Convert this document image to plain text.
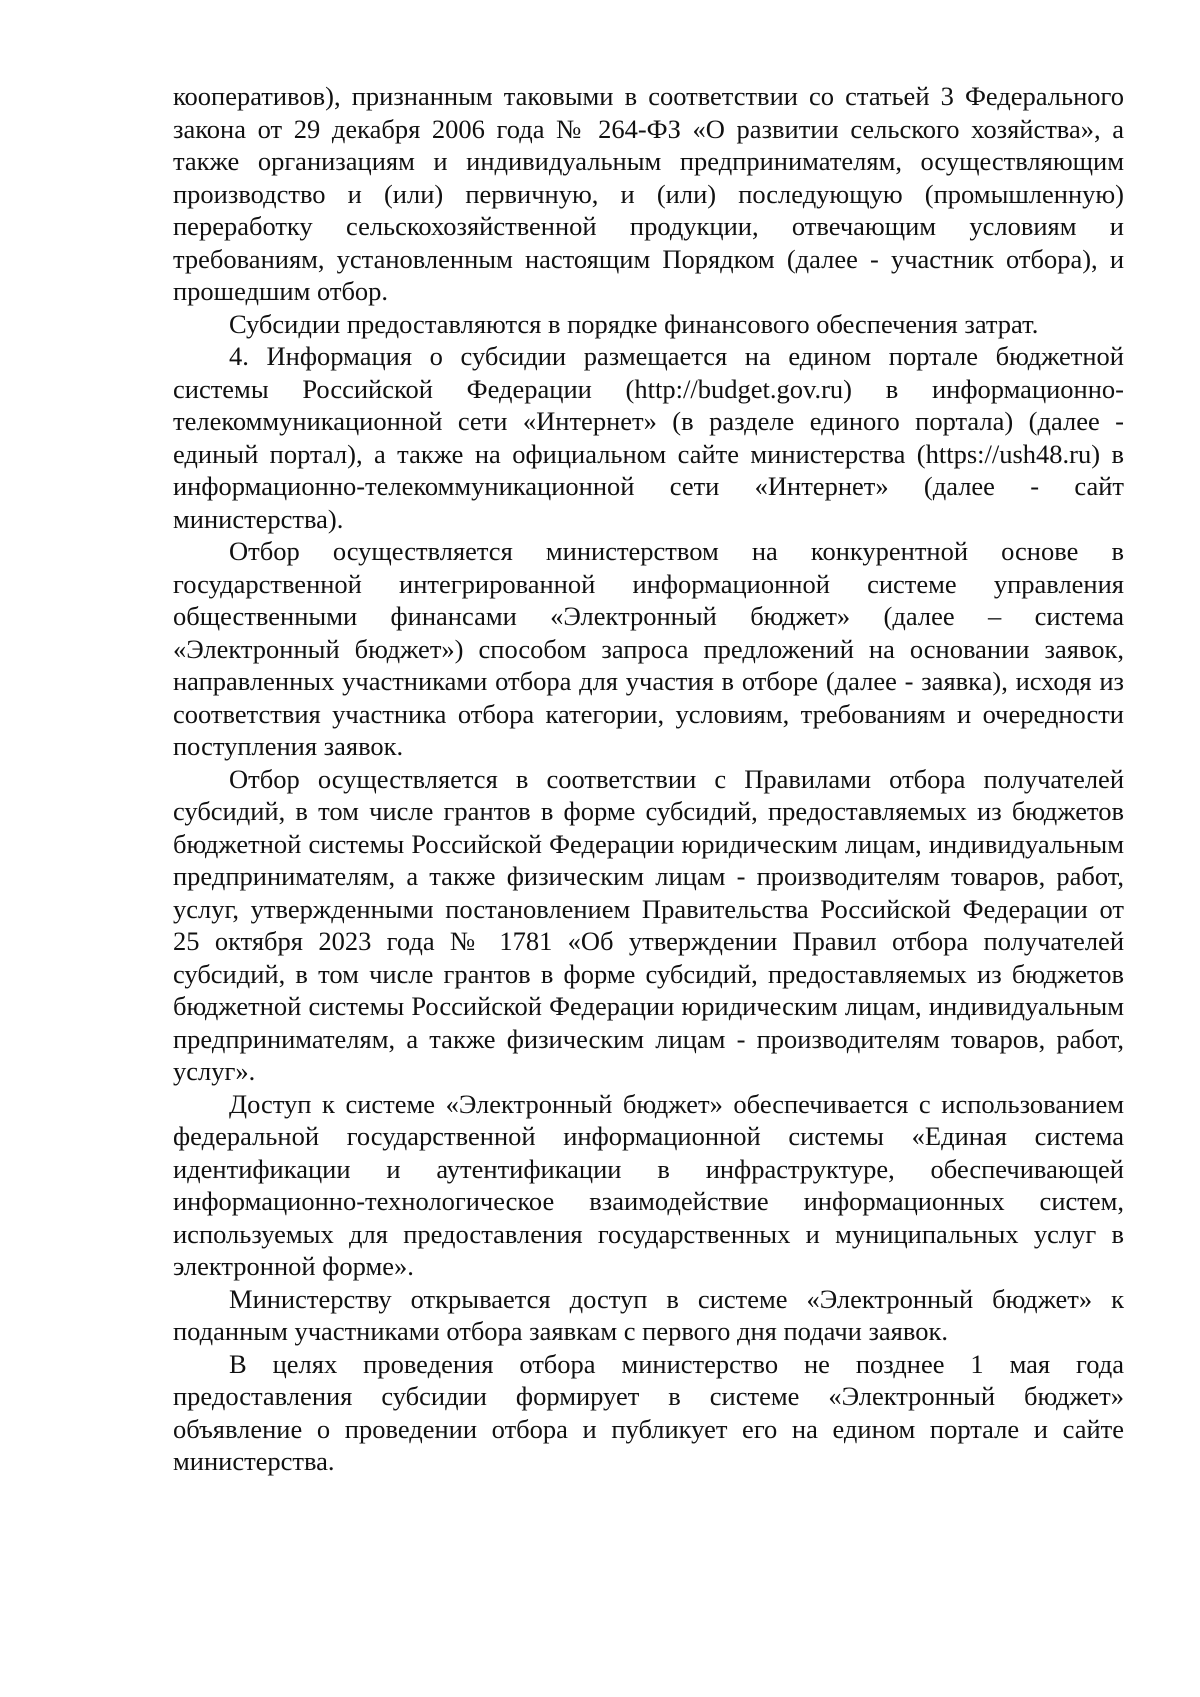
кооперативов), признанным таковыми в соответствии со статьей 3 Федерального закона от 29 декабря 2006 года № 264-ФЗ «О развитии сельского хозяйства», а также организациям и индивидуальным предпринимателям, осуществляющим производство и (или) первичную, и (или) последующую (промышленную) переработку сельскохозяйственной продукции, отвечающим условиям и требованиям, установленным настоящим Порядком (далее - участник отбора), и прошедшим отбор.

Субсидии предоставляются в порядке финансового обеспечения затрат.

4. Информация о субсидии размещается на едином портале бюджетной системы Российской Федерации (http://budget.gov.ru) в информационно-телекоммуникационной сети «Интернет» (в разделе единого портала) (далее - единый портал), а также на официальном сайте министерства (https://ush48.ru) в информационно-телекоммуникационной сети «Интернет» (далее - сайт министерства).

Отбор осуществляется министерством на конкурентной основе в государственной интегрированной информационной системе управления общественными финансами «Электронный бюджет» (далее – система «Электронный бюджет») способом запроса предложений на основании заявок, направленных участниками отбора для участия в отборе (далее - заявка), исходя из соответствия участника отбора категории, условиям, требованиям и очередности поступления заявок.

Отбор осуществляется в соответствии с Правилами отбора получателей субсидий, в том числе грантов в форме субсидий, предоставляемых из бюджетов бюджетной системы Российской Федерации юридическим лицам, индивидуальным предпринимателям, а также физическим лицам - производителям товаров, работ, услуг, утвержденными постановлением Правительства Российской Федерации от 25 октября 2023 года № 1781 «Об утверждении Правил отбора получателей субсидий, в том числе грантов в форме субсидий, предоставляемых из бюджетов бюджетной системы Российской Федерации юридическим лицам, индивидуальным предпринимателям, а также физическим лицам - производителям товаров, работ, услуг».

Доступ к системе «Электронный бюджет» обеспечивается с использованием федеральной государственной информационной системы «Единая система идентификации и аутентификации в инфраструктуре, обеспечивающей информационно-технологическое взаимодействие информационных систем, используемых для предоставления государственных и муниципальных услуг в электронной форме».

Министерству открывается доступ в системе «Электронный бюджет» к поданным участниками отбора заявкам с первого дня подачи заявок.

В целях проведения отбора министерство не позднее 1 мая года предоставления субсидии формирует в системе «Электронный бюджет» объявление о проведении отбора и публикует его на едином портале и сайте министерства.
